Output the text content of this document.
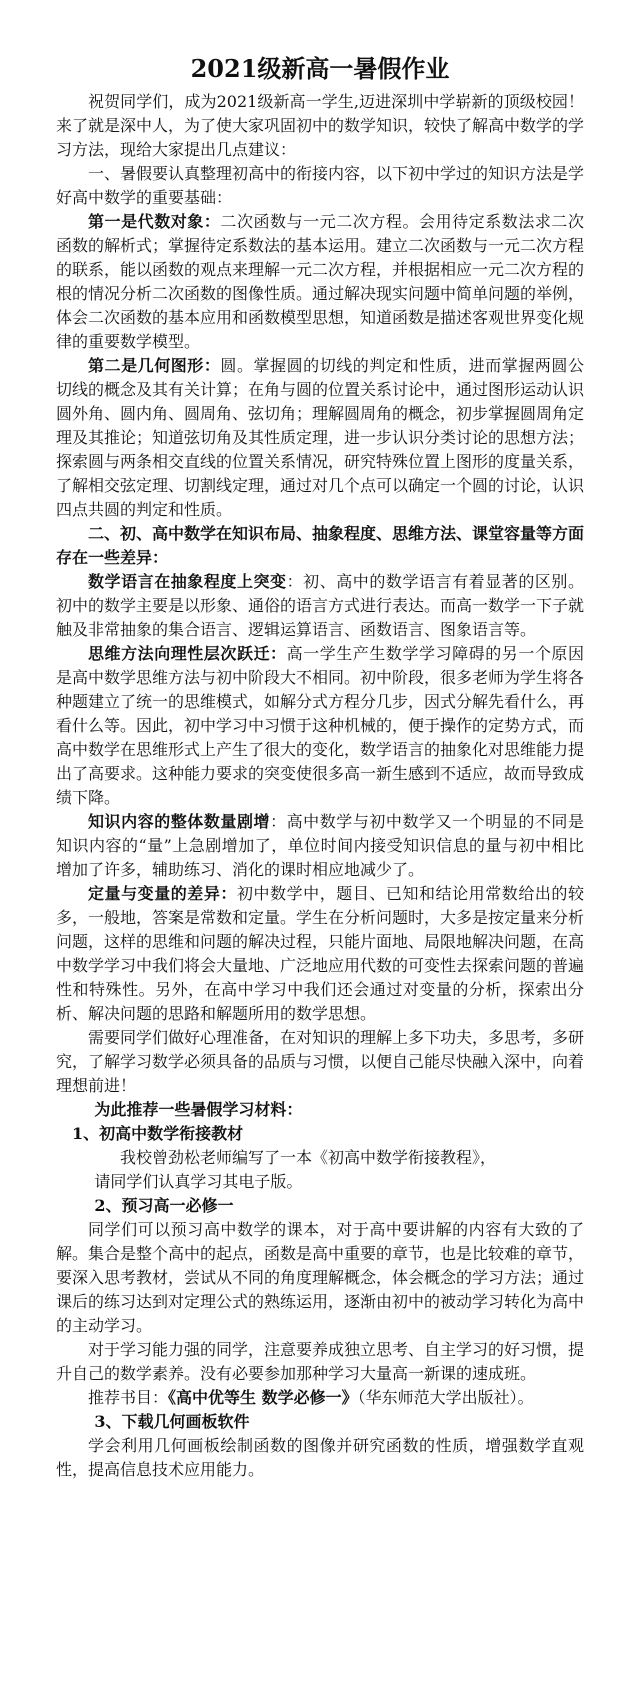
2021级新高一暑假作业

祝贺同学们，成为2021级新高一学生,迈进深圳中学崭新的顶级校园！来了就是深中人，为了使大家巩固初中的数学知识，较快了解高中数学的学习方法，现给大家提出几点建议：

一、暑假要认真整理初高中的衔接内容，以下初中学过的知识方法是学好高中数学的重要基础：

第一是代数对象：二次函数与一元二次方程。会用待定系数法求二次函数的解析式；掌握待定系数法的基本运用。建立二次函数与一元二次方程的联系，能以函数的观点来理解一元二次方程，并根据相应一元二次方程的根的情况分析二次函数的图像性质。通过解决现实问题中简单问题的举例，体会二次函数的基本应用和函数模型思想，知道函数是描述客观世界变化规律的重要数学模型。

第二是几何图形：圆。掌握圆的切线的判定和性质，进而掌握两圆公切线的概念及其有关计算；在角与圆的位置关系讨论中，通过图形运动认识圆外角、圆内角、圆周角、弦切角；理解圆周角的概念，初步掌握圆周角定理及其推论；知道弦切角及其性质定理，进一步认识分类讨论的思想方法；探索圆与两条相交直线的位置关系情况，研究特殊位置上图形的度量关系，了解相交弦定理、切割线定理，通过对几个点可以确定一个圆的讨论，认识四点共圆的判定和性质。

二、初、高中数学在知识布局、抽象程度、思维方法、课堂容量等方面存在一些差异：

数学语言在抽象程度上突变：初、高中的数学语言有着显著的区别。初中的数学主要是以形象、通俗的语言方式进行表达。而高一数学一下子就触及非常抽象的集合语言、逻辑运算语言、函数语言、图象语言等。

思维方法向理性层次跃迁：高一学生产生数学学习障碍的另一个原因是高中数学思维方法与初中阶段大不相同。初中阶段，很多老师为学生将各种题建立了统一的思维模式，如解分式方程分几步，因式分解先看什么，再看什么等。因此，初中学习中习惯于这种机械的，便于操作的定势方式，而高中数学在思维形式上产生了很大的变化，数学语言的抽象化对思维能力提出了高要求。这种能力要求的突变使很多高一新生感到不适应，故而导致成绩下降。

知识内容的整体数量剧增：高中数学与初中数学又一个明显的不同是知识内容的“量”上急剧增加了，单位时间内接受知识信息的量与初中相比增加了许多，辅助练习、消化的课时相应地减少了。

定量与变量的差异：初中数学中，题目、已知和结论用常数给出的较多，一般地，答案是常数和定量。学生在分析问题时，大多是按定量来分析问题，这样的思维和问题的解决过程，只能片面地、局限地解决问题，在高中数学学习中我们将会大量地、广泛地应用代数的可变性去探索问题的普遍性和特殊性。另外，在高中学习中我们还会通过对变量的分析，探索出分析、解决问题的思路和解题所用的数学思想。

需要同学们做好心理准备，在对知识的理解上多下功夫，多思考，多研究，了解学习数学必须具备的品质与习惯，以便自己能尽快融入深中，向着理想前进！

为此推荐一些暑假学习材料：

1、初高中数学衔接教材

我校曾劲松老师编写了一本《初高中数学衔接教程》，

请同学们认真学习其电子版。

2、预习高一必修一

同学们可以预习高中数学的课本，对于高中要讲解的内容有大致的了解。集合是整个高中的起点，函数是高中重要的章节，也是比较难的章节，要深入思考教材，尝试从不同的角度理解概念，体会概念的学习方法；通过课后的练习达到对定理公式的熟练运用，逐渐由初中的被动学习转化为高中的主动学习。

对于学习能力强的同学，注意要养成独立思考、自主学习的好习惯，提升自己的数学素养。没有必要参加那种学习大量高一新课的速成班。

推荐书目：《高中优等生 数学必修一》（华东师范大学出版社）。

3、下载几何画板软件

学会利用几何画板绘制函数的图像并研究函数的性质，增强数学直观性，提高信息技术应用能力。
